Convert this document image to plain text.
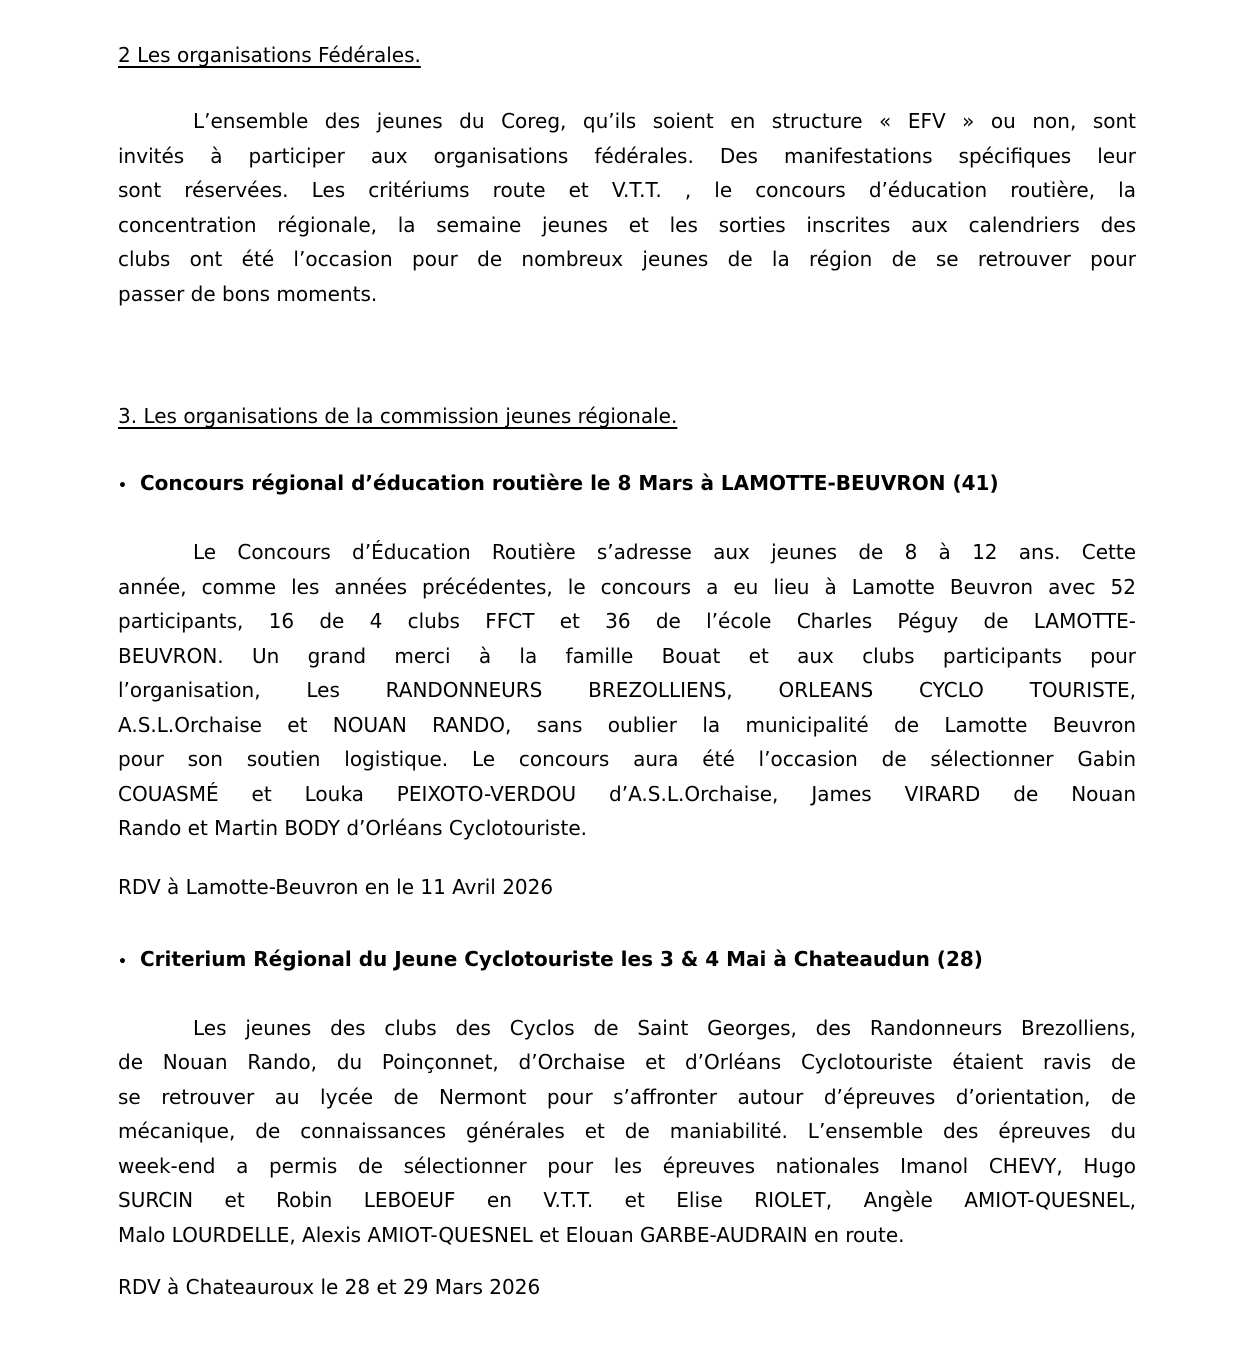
2 Les organisations Fédérales.
L’ensemble des jeunes du Coreg, qu’ils soient en structure « EFV » ou non, sont
invités à participer aux organisations fédérales. Des manifestations spécifiques leur
sont réservées. Les critériums route et V.T.T. , le concours d’éducation routière, la
concentration régionale, la semaine jeunes et les sorties inscrites aux calendriers des
clubs ont été l’occasion pour de nombreux jeunes de la région de se retrouver pour
passer de bons moments.
3. Les organisations de la commission jeunes régionale.
• Concours régional d’éducation routière le 8 Mars à LAMOTTE-BEUVRON (41)
Le Concours d’Éducation Routière s’adresse aux jeunes de 8 à 12 ans. Cette
année, comme les années précédentes, le concours a eu lieu à Lamotte Beuvron avec 52
participants, 16 de 4 clubs FFCT et 36 de l’école Charles Péguy de LAMOTTE-
BEUVRON. Un grand merci à la famille Bouat et aux clubs participants pour
l’organisation, Les RANDONNEURS BREZOLLIENS, ORLEANS CYCLO TOURISTE,
A.S.L.Orchaise et NOUAN RANDO, sans oublier la municipalité de Lamotte Beuvron
pour son soutien logistique. Le concours aura été l’occasion de sélectionner Gabin
COUASMÉ et Louka PEIXOTO-VERDOU d’A.S.L.Orchaise, James VIRARD de Nouan
Rando et Martin BODY d’Orléans Cyclotouriste.
RDV à Lamotte-Beuvron en le 11 Avril 2026
• Criterium Régional du Jeune Cyclotouriste les 3 & 4 Mai à Chateaudun (28)
Les jeunes des clubs des Cyclos de Saint Georges, des Randonneurs Brezolliens,
de Nouan Rando, du Poinçonnet, d’Orchaise et d’Orléans Cyclotouriste étaient ravis de
se retrouver au lycée de Nermont pour s’affronter autour d’épreuves d’orientation, de
mécanique, de connaissances générales et de maniabilité. L’ensemble des épreuves du
week-end a permis de sélectionner pour les épreuves nationales Imanol CHEVY, Hugo
SURCIN et Robin LEBOEUF en V.T.T. et Elise RIOLET, Angèle AMIOT-QUESNEL,
Malo LOURDELLE, Alexis AMIOT-QUESNEL et Elouan GARBE-AUDRAIN en route.
RDV à Chateauroux le 28 et 29 Mars 2026
